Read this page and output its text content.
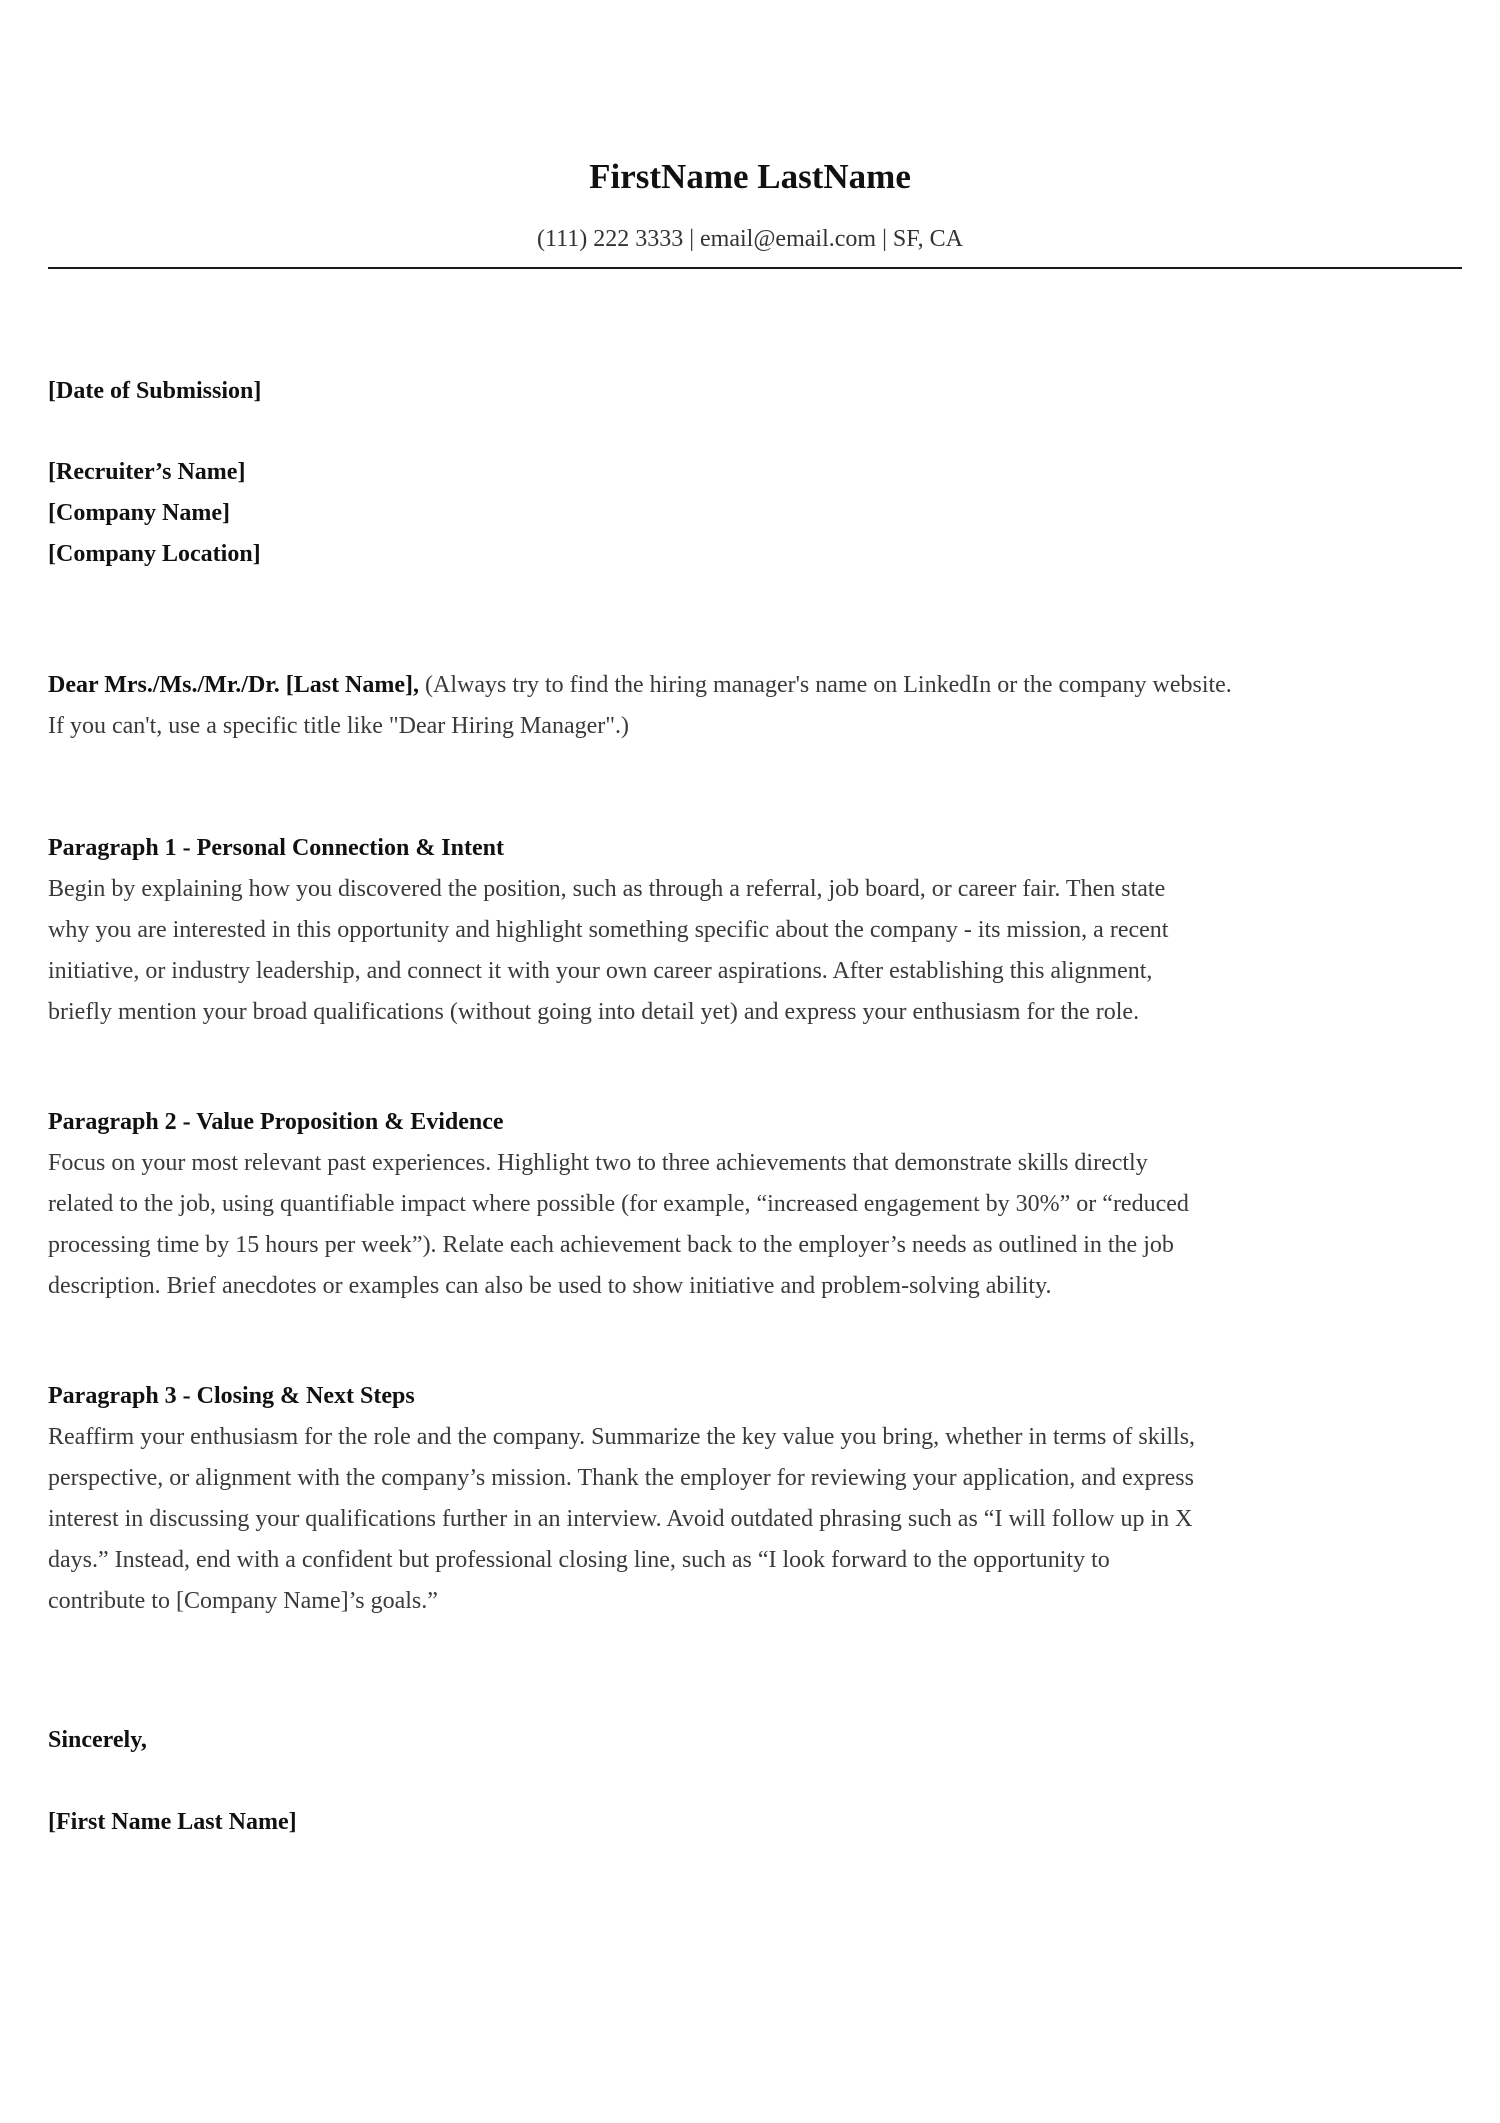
FirstName LastName
(111) 222 3333 | email@email.com | SF, CA
[Date of Submission]
[Recruiter’s Name]
[Company Name]
[Company Location]
Dear Mrs./Ms./Mr./Dr. [Last Name], (Always try to find the hiring manager's name on LinkedIn or the company website.
If you can't, use a specific title like "Dear Hiring Manager".)
Paragraph 1 - Personal Connection & Intent
Begin by explaining how you discovered the position, such as through a referral, job board, or career fair. Then state
why you are interested in this opportunity and highlight something specific about the company - its mission, a recent
initiative, or industry leadership, and connect it with your own career aspirations. After establishing this alignment,
briefly mention your broad qualifications (without going into detail yet) and express your enthusiasm for the role.
Paragraph 2 - Value Proposition & Evidence
Focus on your most relevant past experiences. Highlight two to three achievements that demonstrate skills directly
related to the job, using quantifiable impact where possible (for example, “increased engagement by 30%” or “reduced
processing time by 15 hours per week”). Relate each achievement back to the employer’s needs as outlined in the job
description. Brief anecdotes or examples can also be used to show initiative and problem-solving ability.
Paragraph 3 - Closing & Next Steps
Reaffirm your enthusiasm for the role and the company. Summarize the key value you bring, whether in terms of skills,
perspective, or alignment with the company’s mission. Thank the employer for reviewing your application, and express
interest in discussing your qualifications further in an interview. Avoid outdated phrasing such as “I will follow up in X
days.” Instead, end with a confident but professional closing line, such as “I look forward to the opportunity to
contribute to [Company Name]’s goals.”
Sincerely,
[First Name Last Name]
